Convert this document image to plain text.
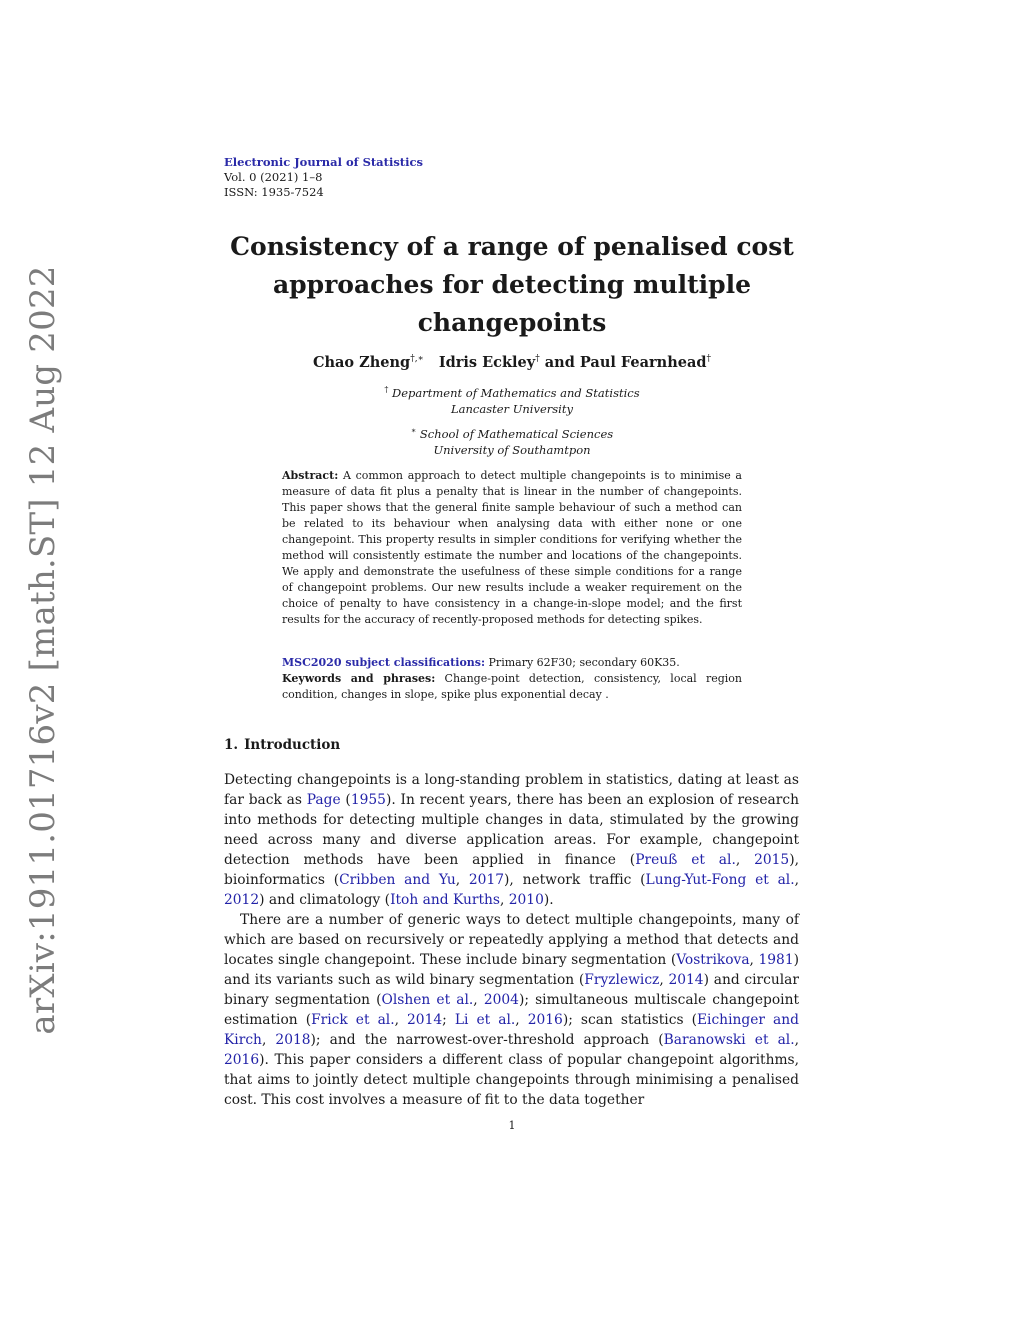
arXiv:1911.01716v2 [math.ST] 12 Aug 2022
Electronic Journal of Statistics
Vol. 0 (2021) 1–8
ISSN: 1935-7524
Consistency of a range of penalised cost approaches for detecting multiple changepoints
Chao Zheng†,∗ Idris Eckley† and Paul Fearnhead†
† Department of Mathematics and Statistics
Lancaster University
∗ School of Mathematical Sciences
University of Southamtpon

Abstract: A common approach to detect multiple changepoints is to minimise a measure of data fit plus a penalty that is linear in the number of changepoints. This paper shows that the general finite sample behaviour of such a method can be related to its behaviour when analysing data with either none or one changepoint. This property results in simpler conditions for verifying whether the method will consistently estimate the number and locations of the changepoints. We apply and demonstrate the usefulness of these simple conditions for a range of changepoint problems. Our new results include a weaker requirement on the choice of penalty to have consistency in a change-in-slope model; and the first results for the accuracy of recently-proposed methods for detecting spikes.

MSC2020 subject classifications: Primary 62F30; secondary 60K35.

Keywords and phrases: Change-point detection, consistency, local region condition, changes in slope, spike plus exponential decay .

1. Introduction

Detecting changepoints is a long-standing problem in statistics, dating at least as far back as Page (1955). In recent years, there has been an explosion of research into methods for detecting multiple changes in data, stimulated by the growing need across many and diverse application areas. For example, changepoint detection methods have been applied in finance (Preuß et al., 2015), bioinformatics (Cribben and Yu, 2017), network traffic (Lung-Yut-Fong et al., 2012) and climatology (Itoh and Kurths, 2010).

There are a number of generic ways to detect multiple changepoints, many of which are based on recursively or repeatedly applying a method that detects and locates single changepoint. These include binary segmentation (Vostrikova, 1981) and its variants such as wild binary segmentation (Fryzlewicz, 2014) and circular binary segmentation (Olshen et al., 2004); simultaneous multiscale changepoint estimation (Frick et al., 2014; Li et al., 2016); scan statistics (Eichinger and Kirch, 2018); and the narrowest-over-threshold approach (Baranowski et al., 2016). This paper considers a different class of popular changepoint algorithms, that aims to jointly detect multiple changepoints through minimising a penalised cost. This cost involves a measure of fit to the data together

1
